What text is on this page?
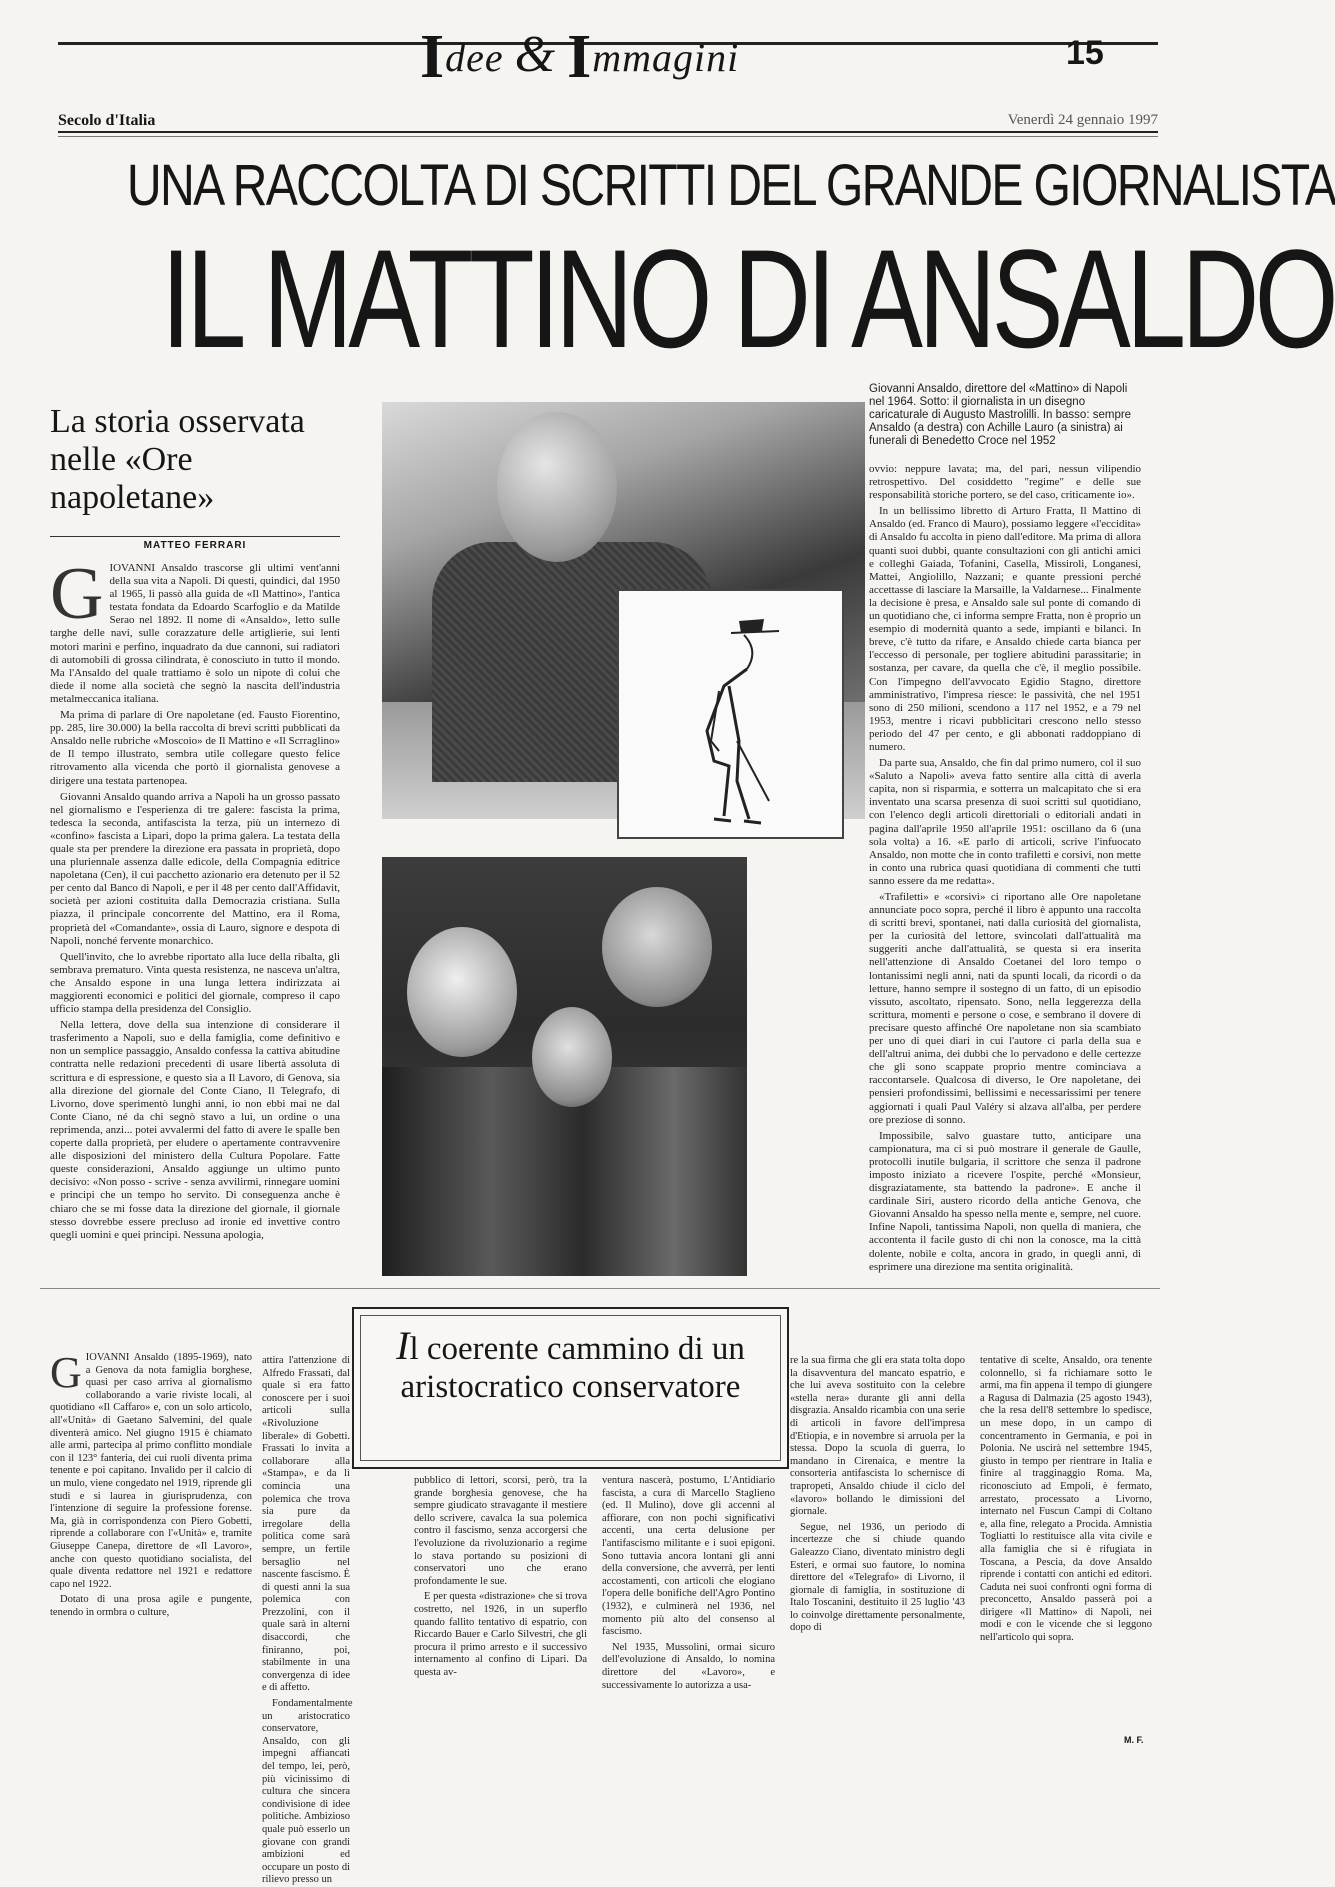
Idee & Immagini	15
Secolo d'Italia	Venerdì 24 gennaio 1997
UNA RACCOLTA DI SCRITTI DEL GRANDE GIORNALISTA
IL MATTINO DI ANSALDO
La storia osservata nelle «Ore napoletane»
MATTEO FERRARI

GIOVANNI Ansaldo trascorse gli ultimi vent'anni della sua vita a Napoli. Di questi, quindici, dal 1950 al 1965, li passò alla guida de «Il Mattino», l'antica testata fondata da Edoardo Scarfoglio e da Matilde Serao nel 1892. Il nome di «Ansaldo», letto sulle targhe delle navi, sulle corazzature delle artiglierie, sui lenti motori marini e perfino, inquadrato da due cannoni, sui radiatori di automobili di grossa cilindrata, è conosciuto in tutto il mondo. Ma l'Ansaldo del quale trattiamo è solo un nipote di colui che diede il nome alla società che segnò la nascita dell'industria metalmeccanica italiana.

Ma prima di parlare di Ore napoletane (ed. Fausto Fiorentino, pp. 285, lire 30.000) la bella raccolta di brevi scritti pubblicati da Ansaldo nelle rubriche «Moscoio» de Il Mattino e «Il Scrraglino» de Il tempo illustrato, sembra utile collegare questo felice ritrovamento alla vicenda che portò il giornalista genovese a dirigere una testata partenopea.

Giovanni Ansaldo quando arriva a Napoli ha un grosso passato nel giornalismo e l'esperienza di tre galere: fascista la prima, tedesca la seconda, antifascista la terza, più un internezo di «confino» fascista a Lipari, dopo la prima galera. La testata della quale sta per prendere la direzione era passata in proprietà, dopo una pluriennale assenza dalle edicole, della Compagnia editrice napoletana (Cen), il cui pacchetto azionario era detenuto per il 52 per cento dal Banco di Napoli, e per il 48 per cento dall'Affidavit, società per azioni costituita dalla Democrazia cristiana. Sulla piazza, il principale concorrente del Mattino, era il Roma, proprietà del «Comandante», ossia di Lauro, signore e despota di Napoli, nonché fervente monarchico.

Quell'invito, che lo avrebbe riportato alla luce della ribalta, gli sembrava prematuro. Vinta questa resistenza, ne nasceva un'altra, che Ansaldo espone in una lunga lettera indirizzata ai maggiorenti economici e politici del giornale, compreso il capo ufficio stampa della presidenza del Consiglio.

Nella lettera, dove della sua intenzione di considerare il trasferimento a Napoli, suo e della famiglia, come definitivo e non un semplice passaggio, Ansaldo confessa la cattiva abitudine contratta nelle redazioni precedenti di usare libertà assoluta di scrittura e di espressione, e questo sia a Il Lavoro, di Genova, sia alla direzione del giornale del Conte Ciano, Il Telegrafo, di Livorno, dove sperimentò lunghi anni, io non ebbi mai ne dal Conte Ciano, né da chi segnò stavo a lui, un ordine o una reprimenda, anzi... potei avvalermi del fatto di avere le spalle ben coperte dalla proprietà, per eludere o apertamente contravvenire alle disposizioni del ministero della Cultura Popolare. Fatte queste considerazioni, Ansaldo aggiunge un ultimo punto decisivo: «Non posso - scrive - senza avvilirmi, rinnegare uomini e principi che un tempo ho servito. Di conseguenza anche è chiaro che se mi fosse data la direzione del giornale, il giornale stesso dovrebbe essere precluso ad ironie ed invettive contro quegli uomini e quei principi. Nessuna apologia,

Giovanni Ansaldo, direttore del «Mattino» di Napoli nel 1964. Sotto: il giornalista in un disegno caricaturale di Augusto Mastrolilli. In basso: sempre Ansaldo (a destra) con Achille Lauro (a sinistra) ai funerali di Benedetto Croce nel 1952

ovvio: neppure lavata; ma, del pari, nessun vilipendio retrospettivo. Del cosiddetto "regime" e delle sue responsabilità storiche portero, se del caso, criticamente io».

In un bellissimo libretto di Arturo Fratta, Il Mattino di Ansaldo (ed. Franco di Mauro), possiamo leggere «l'eccidita» di Ansaldo fu accolta in pieno dall'editore. Ma prima di allora quanti suoi dubbi, quante consultazioni con gli antichi amici e colleghi Gaiada, Tofanini, Casella, Missiroli, Longanesi, Mattei, Angiolillo, Nazzani; e quante pressioni perché accettasse di lasciare la Marsaille, la Valdarnese... Finalmente la decisione è presa, e Ansaldo sale sul ponte di comando di un quotidiano che, ci informa sempre Fratta, non è proprio un esempio di modernità quanto a sede, impianti e bilanci. In breve, c'è tutto da rifare, e Ansaldo chiede carta bianca per l'eccesso di personale, per togliere abitudini parassitarie; in sostanza, per cavare, da quella che c'è, il meglio possibile. Con l'impegno dell'avvocato Egidio Stagno, direttore amministrativo, l'impresa riesce: le passività, che nel 1951 sono di 250 milioni, scendono a 117 nel 1952, e a 79 nel 1953, mentre i ricavi pubblicitari crescono nello stesso periodo del 47 per cento, e gli abbonati raddoppiano di numero.

Da parte sua, Ansaldo, che fin dal primo numero, col il suo «Saluto a Napoli» aveva fatto sentire alla città di averla capita, non si risparmia, e sotterra un malcapitato che si era inventato una scarsa presenza di suoi scritti sul quotidiano, con l'elenco degli articoli direttoriali o editoriali andati in pagina dall'aprile 1950 all'aprile 1951: oscillano da 6 (una sola volta) a 16. «E parlo di articoli, scrive l'infuocato Ansaldo, non motte che in conto trafiletti e corsivi, non mette in conto una rubrica quasi quotidiana di commenti che tutti sanno essere da me redatta».

«Trafiletti» e «corsivi» ci riportano alle Ore napoletane annunciate poco sopra, perché il libro è appunto una raccolta di scritti brevi, spontanei, nati dalla curiosità del giornalista, per la curiosità del lettore, svincolati dall'attualità ma suggeriti anche dall'attualità, se questa si era inserita nell'attenzione di Ansaldo Coetanei del loro tempo o lontanissimi negli anni, nati da spunti locali, da ricordi o da letture, hanno sempre il sostegno di un fatto, di un episodio vissuto, ascoltato, ripensato. Sono, nella leggerezza della scrittura, momenti e persone o cose, e sembrano il dovere di precisare questo affinché Ore napoletane non sia scambiato per uno di quei diari in cui l'autore ci parla della sua e dell'altrui anima, dei dubbi che lo pervadono e delle certezze che gli sono scappate proprio mentre cominciava a raccontarsele. Qualcosa di diverso, le Ore napoletane, dei pensieri profondissimi, bellissimi e necessarissimi per tenere aggiornati i quali Paul Valéry si alzava all'alba, per perdere ore preziose di sonno.

Impossibile, salvo guastare tutto, anticipare una campionatura, ma ci si può mostrare il generale de Gaulle, protocolli inutile bulgaria, il scrittore che senza il padrone imposto iniziato a ricevere l'ospite, perché «Monsieur, disgraziatamente, sta battendo la padrone». E anche il cardinale Siri, austero ricordo della antiche Genova, che Giovanni Ansaldo ha spesso nella mente e, sempre, nel cuore. Infine Napoli, tantissima Napoli, non quella di maniera, che accontenta il facile gusto di chi non la conosce, ma la città dolente, nobile e colta, ancora in grado, in quegli anni, di esprimere una direzione ma sentita originalità.

Il coerente cammino di un aristocratico conservatore

GIOVANNI Ansaldo (1895-1969), nato a Genova da nota famiglia borghese, quasi per caso arriva al giornalismo collaborando a varie riviste locali, al quotidiano «Il Caffaro» e, con un solo articolo, all'«Unità» di Gaetano Salvemini, del quale diventerà amico. Nel giugno 1915 è chiamato alle armi, partecipa al primo conflitto mondiale con il 123° fanteria, dei cui ruoli diventa prima tenente e poi capitano. Invalido per il calcio di un mulo, viene congedato nel 1919, riprende gli studi e si laurea in giurisprudenza, con l'intenzione di seguire la professione forense. Ma, già in corrispondenza con Piero Gobetti, riprende a collaborare con l'«Unità» e, tramite Giuseppe Canepa, direttore de «Il Lavoro», anche con questo quotidiano socialista, del quale diventa redattore nel 1921 e redattore capo nel 1922.

Dotato di una prosa agile e pungente, tenendo in ormbra o culture,

attira l'attenzione di Alfredo Frassati, dal quale si era fatto conoscere per i suoi articoli sulla «Rivoluzione liberale» di Gobetti. Frassati lo invita a collaborare alla «Stampa», e da lì comincia una polemica che trova sia pure da irregolare della politica come sarà sempre, un fertile bersaglio nel nascente fascismo. È di questi anni la sua polemica con Prezzolini, con il quale sarà in alterni disaccordi, che finiranno, poi, stabilmente in una convergenza di idee e di affetto.

Fondamentalmente un aristocratico conservatore, Ansaldo, con gli impegni affiancati del tempo, lei, però, più vicinissimo di cultura che sincera condivisione di idee politiche. Ambizioso quale può esserlo un giovane con grandi ambizioni ed occupare un posto di rilievo presso un

pubblico di lettori, scorsi, però, tra la grande borghesia genovese, che ha sempre giudicato stravagante il mestiere dello scrivere, cavalca la sua polemica contro il fascismo, senza accorgersi che l'evoluzione da rivoluzionario a regime lo stava portando su posizioni di conservatori uno che erano profondamente le sue.

E per questa «distrazione» che si trova costretto, nel 1926, in un superflo quando fallito tentativo di espatrio, con Riccardo Bauer e Carlo Silvestri, che gli procura il primo arresto e il successivo internamento al confino di Lipari. Da questa av-

ventura nascerà, postumo, L'Antidiario fascista, a cura di Marcello Staglieno (ed. Il Mulino), dove gli accenni al affiorare, con non pochi significativi accenti, una certa delusione per l'antifascismo militante e i suoi epigoni. Sono tuttavia ancora lontani gli anni della conversione, che avverrà, per lenti accostamenti, con articoli che elogiano l'opera delle bonifiche dell'Agro Pontino (1932), e culminerà nel 1936, nel momento più alto del consenso al fascismo.

Nel 1935, Mussolini, ormai sicuro dell'evoluzione di Ansaldo, lo nomina direttore del «Lavoro», e successivamente lo autorizza a usa-

re la sua firma che gli era stata tolta dopo la disavventura del mancato espatrio, e che lui aveva sostituito con la celebre «stella nera» durante gli anni della disgrazia. Ansaldo ricambia con una serie di articoli in favore dell'impresa d'Etiopia, e in novembre si arruola per la stessa. Dopo la scuola di guerra, lo mandano in Cirenaica, e mentre la consorteria antifascista lo schernisce di trapropeti, Ansaldo chiude il ciclo del «lavoro» bollando le dimissioni del giornale.

Segue, nel 1936, un periodo di incertezze che si chiude quando Galeazzo Ciano, diventato ministro degli Esteri, e ormai suo fautore, lo nomina direttore del «Telegrafo» di Livorno, il giornale di famiglia, in sostituzione di Italo Toscanini, destituito il 25 luglio '43 lo coinvolge direttamente personalmente, dopo di

tentative di scelte, Ansaldo, ora tenente colonnello, si fa richiamare sotto le armi, ma fin appena il tempo di giungere a Ragusa di Dalmazia (25 agosto 1943), che la resa dell'8 settembre lo spedisce, un mese dopo, in un campo di concentramento in Germania, e poi in Polonia. Ne uscirà nel settembre 1945, giusto in tempo per rientrare in Italia e finire al tragginaggio Roma. Ma, riconosciuto ad Empoli, è fermato, arrestato, processato a Livorno, internato nel Fuscun Campi di Coltano e, alla fine, relegato a Procida. Amnistia Togliatti lo restituisce alla vita civile e alla famiglia che si è rifugiata in Toscana, a Pescia, da dove Ansaldo riprende i contatti con antichi ed editori. Caduta nei suoi confronti ogni forma di preconcetto, Ansaldo passerà poi a dirigere «Il Mattino» di Napoli, nei modi e con le vicende che si leggono nell'articolo qui sopra.

M. F.
